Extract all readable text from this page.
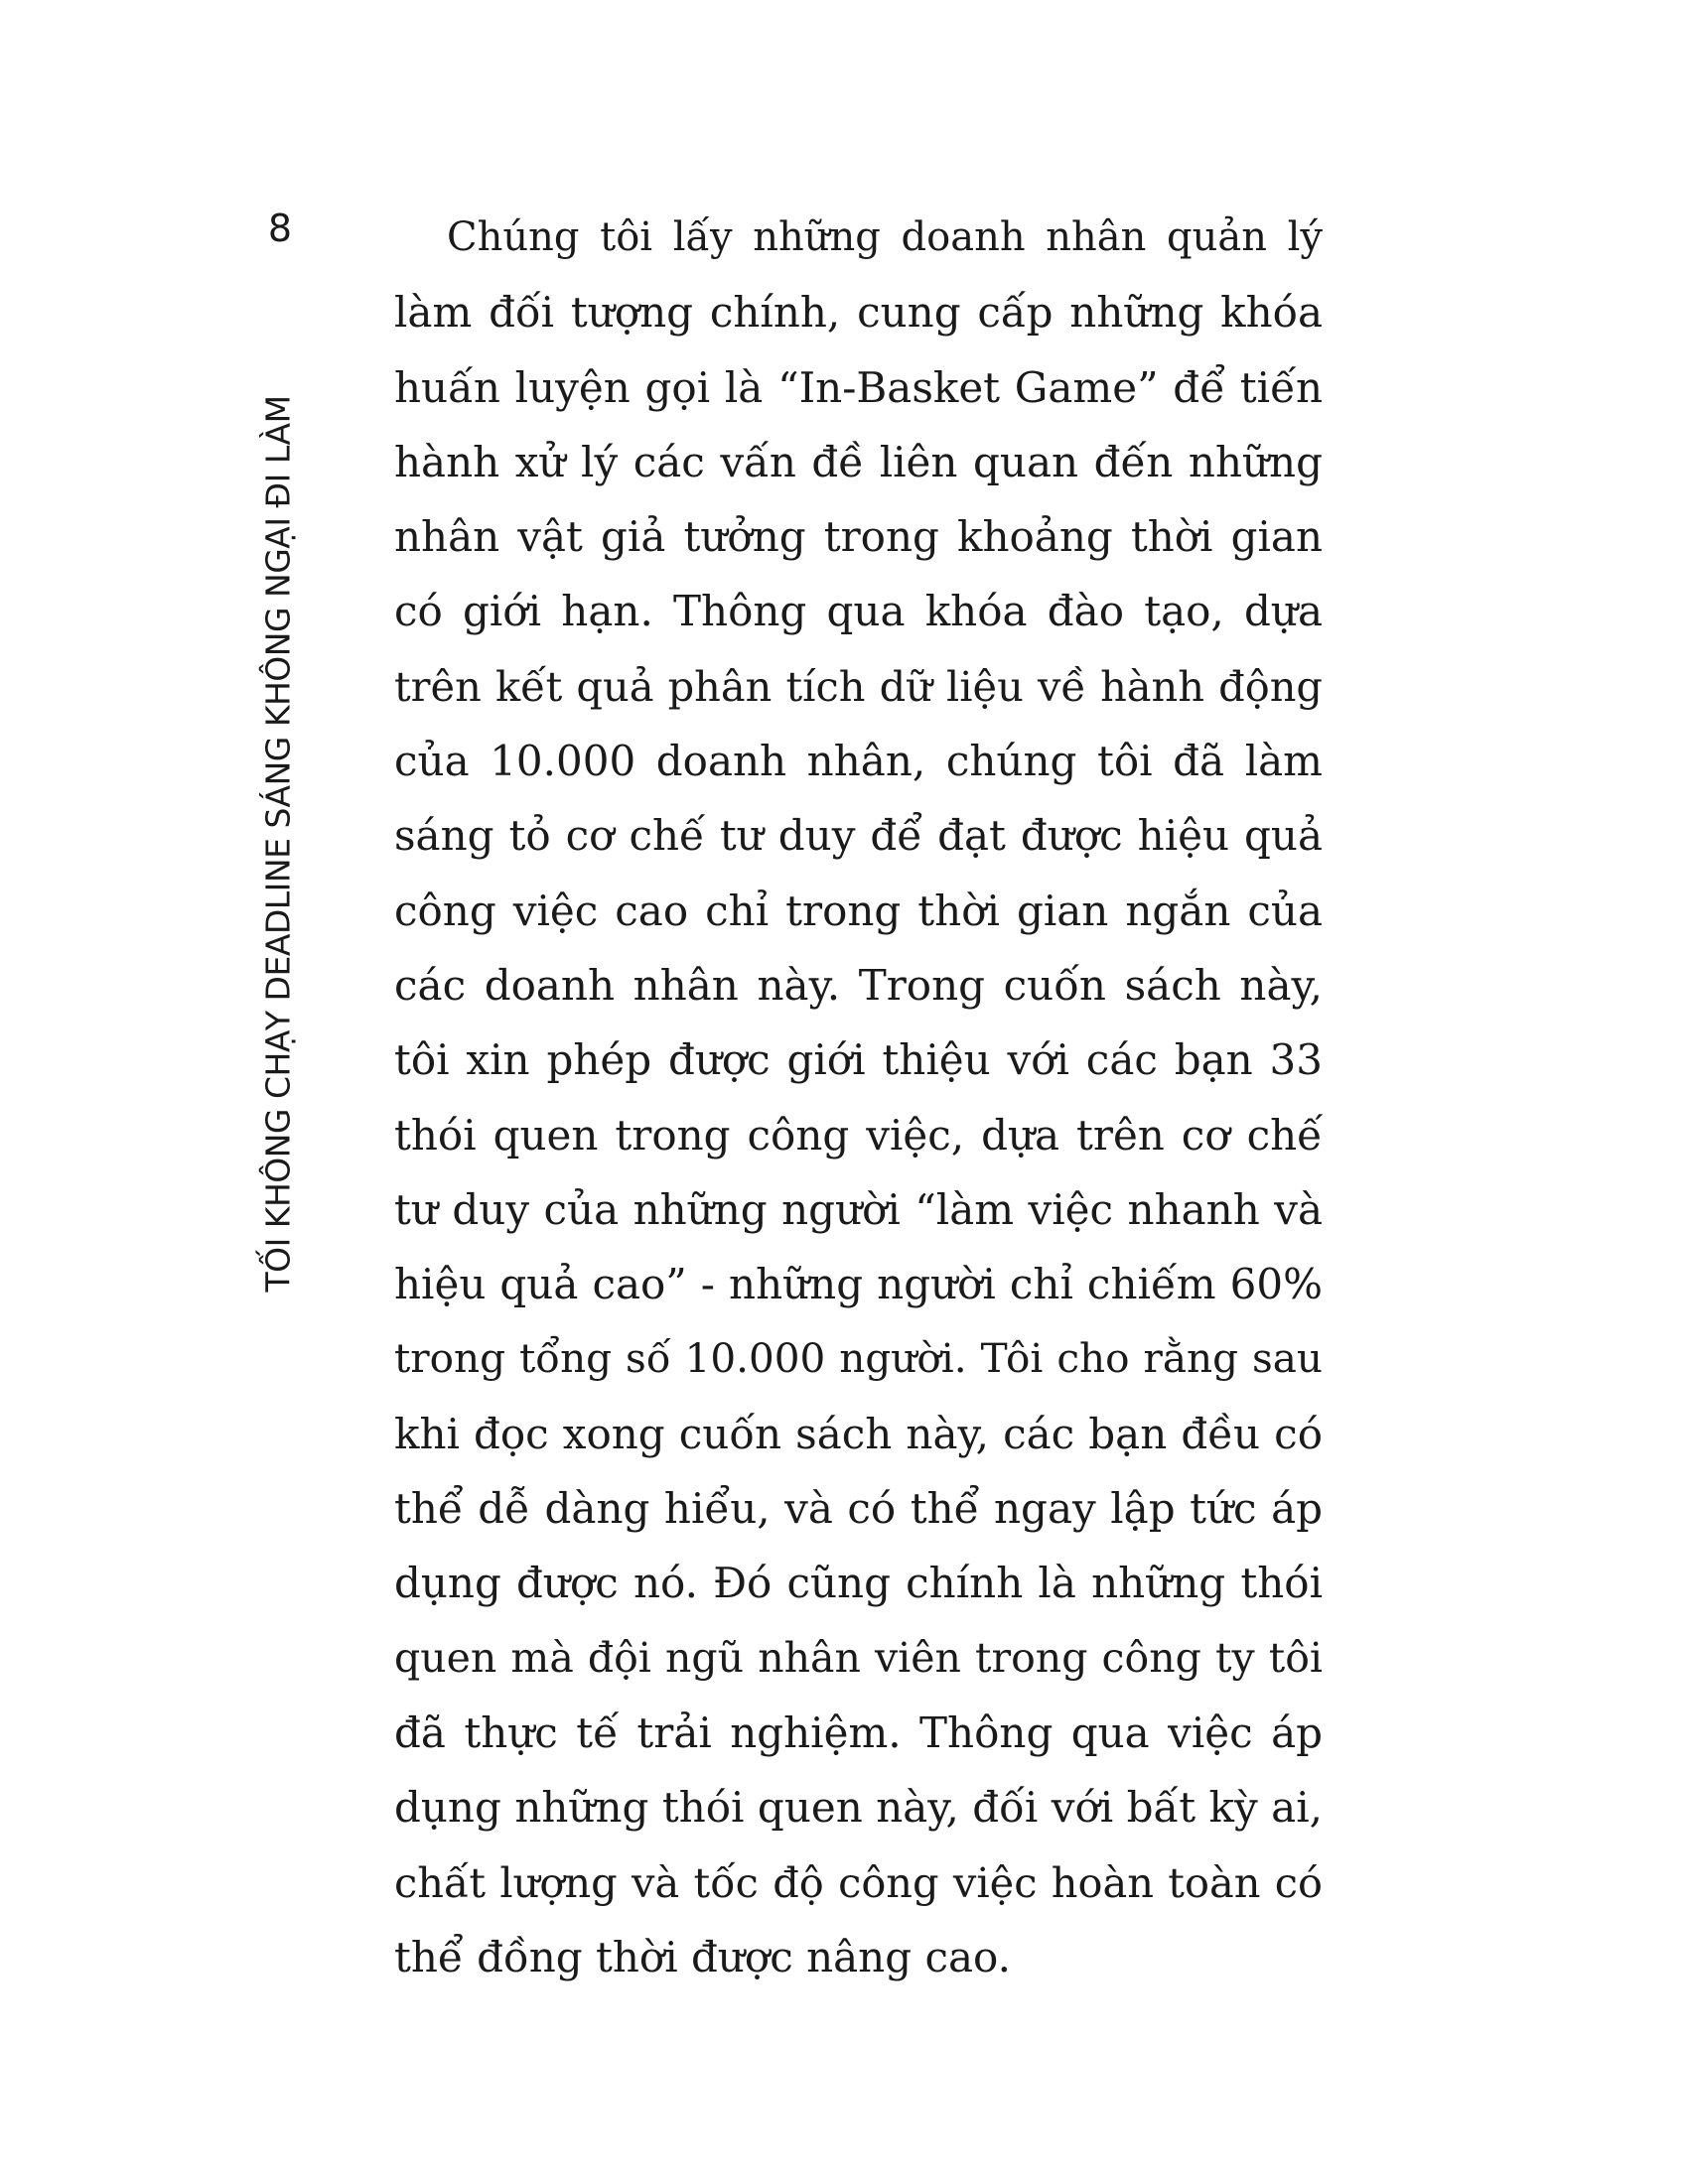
8
TỐI KHÔNG CHẠY DEADLINE SÁNG KHÔNG NGẠI ĐI LÀM
Chúng tôi lấy những doanh nhân quản lý
làm đối tượng chính, cung cấp những khóa
huấn luyện gọi là “In-Basket Game” để tiến
hành xử lý các vấn đề liên quan đến những
nhân vật giả tưởng trong khoảng thời gian
có giới hạn. Thông qua khóa đào tạo, dựa
trên kết quả phân tích dữ liệu về hành động
của 10.000 doanh nhân, chúng tôi đã làm
sáng tỏ cơ chế tư duy để đạt được hiệu quả
công việc cao chỉ trong thời gian ngắn của
các doanh nhân này. Trong cuốn sách này,
tôi xin phép được giới thiệu với các bạn 33
thói quen trong công việc, dựa trên cơ chế
tư duy của những người “làm việc nhanh và
hiệu quả cao” - những người chỉ chiếm 60%
trong tổng số 10.000 người. Tôi cho rằng sau
khi đọc xong cuốn sách này, các bạn đều có
thể dễ dàng hiểu, và có thể ngay lập tức áp
dụng được nó. Đó cũng chính là những thói
quen mà đội ngũ nhân viên trong công ty tôi
đã thực tế trải nghiệm. Thông qua việc áp
dụng những thói quen này, đối với bất kỳ ai,
chất lượng và tốc độ công việc hoàn toàn có
thể đồng thời được nâng cao.
